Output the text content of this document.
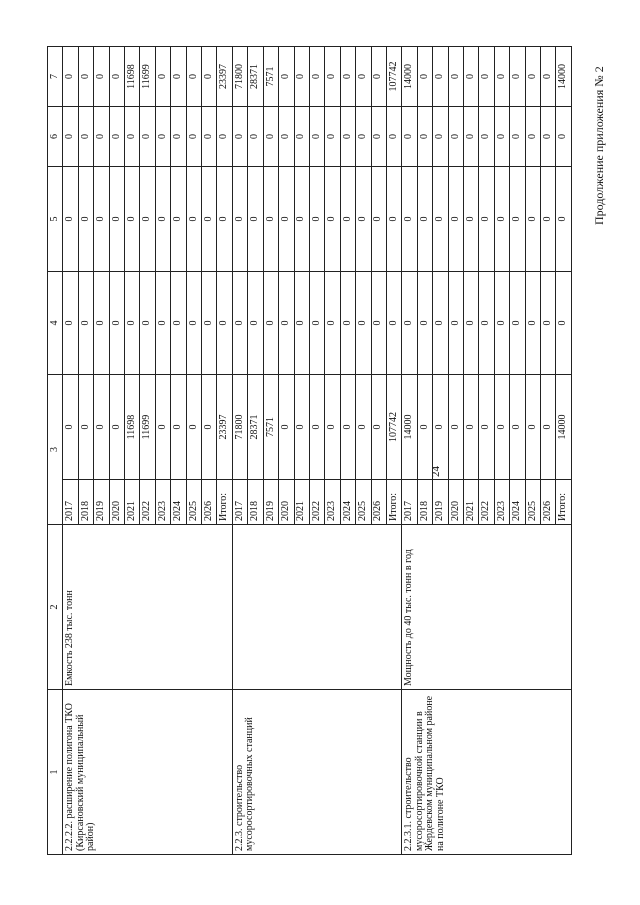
24
Продолжение приложения № 2
1	2	3		4	5	6	7
2.2.2.2. расширение полигона ТКО (Кирсановский муниципальный район)	Емкость 238 тыс. тонн	2017	0	0	0	0	0
		2018	0	0	0	0	0
		2019	0	0	0	0	0
		2020	0	0	0	0	0
		2021	11698	0	0	0	11698
		2022	11699	0	0	0	11699
		2023	0	0	0	0	0
		2024	0	0	0	0	0
		2025	0	0	0	0	0
		2026	0	0	0	0	0
		Итого:	23397	0	0	0	23397
2.2.3. строительство мусоросортировочных станций		2017	71800	0	0	0	71800
		2018	28371	0	0	0	28371
		2019	7571	0	0	0	7571
		2020	0	0	0	0	0
		2021	0	0	0	0	0
		2022	0	0	0	0	0
		2023	0	0	0	0	0
		2024	0	0	0	0	0
		2025	0	0	0	0	0
		2026	0	0	0	0	0
		Итого:	107742	0	0	0	107742
2.2.3.1. строительство мусоросортировочной станции в Жердевском муниципальном районе на полигоне ТКО	Мощность до 40 тыс. тонн в год	2017	14000	0	0	0	14000
		2018	0	0	0	0	0
		2019	0	0	0	0	0
		2020	0	0	0	0	0
		2021	0	0	0	0	0
		2022	0	0	0	0	0
		2023	0	0	0	0	0
		2024	0	0	0	0	0
		2025	0	0	0	0	0
		2026	0	0	0	0	0
		Итого:	14000	0	0	0	14000
